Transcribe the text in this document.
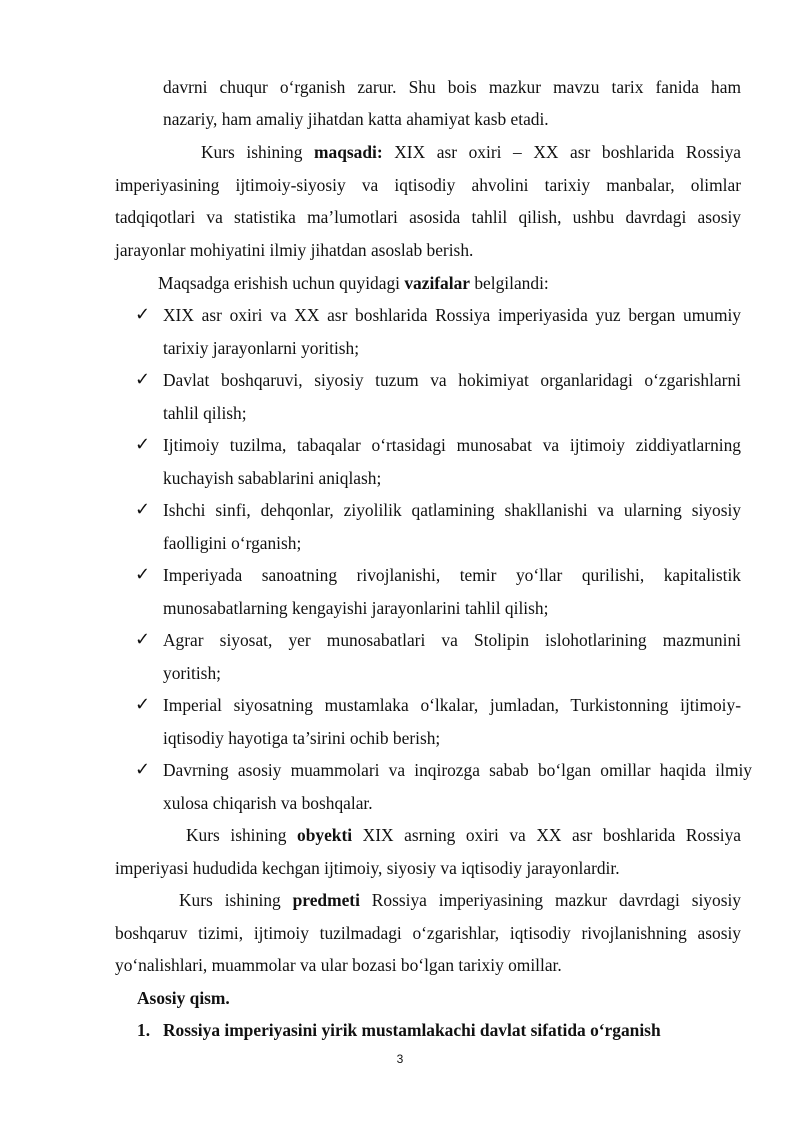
davrni chuqur o‘rganish zarur. Shu bois mazkur mavzu tarix fanida ham
nazariy, ham amaliy jihatdan katta ahamiyat kasb etadi.
Kurs ishining maqsadi: XIX asr oxiri – XX asr boshlarida Rossiya
imperiyasining ijtimoiy-siyosiy va iqtisodiy ahvolini tarixiy manbalar, olimlar
tadqiqotlari va statistika ma’lumotlari asosida tahlil qilish, ushbu davrdagi asosiy
jarayonlar mohiyatini ilmiy jihatdan asoslab berish.
Maqsadga erishish uchun quyidagi vazifalar belgilandi:
✓ XIX asr oxiri va XX asr boshlarida Rossiya imperiyasida yuz bergan umumiy
tarixiy jarayonlarni yoritish;
✓ Davlat boshqaruvi, siyosiy tuzum va hokimiyat organlaridagi o‘zgarishlarni
tahlil qilish;
✓ Ijtimoiy tuzilma, tabaqalar o‘rtasidagi munosabat va ijtimoiy ziddiyatlarning
kuchayish sabablarini aniqlash;
✓ Ishchi sinfi, dehqonlar, ziyolilik qatlamining shakllanishi va ularning siyosiy
faolligini o‘rganish;
✓ Imperiyada sanoatning rivojlanishi, temir yo‘llar qurilishi, kapitalistik
munosabatlarning kengayishi jarayonlarini tahlil qilish;
✓ Agrar siyosat, yer munosabatlari va Stolipin islohotlarining mazmunini
yoritish;
✓ Imperial siyosatning mustamlaka o‘lkalar, jumladan, Turkistonning ijtimoiy-
iqtisodiy hayotiga ta’sirini ochib berish;
✓ Davrning asosiy muammolari va inqirozga sabab bo‘lgan omillar haqida ilmiy
xulosa chiqarish va boshqalar.
Kurs ishining obyekti XIX asrning oxiri va XX asr boshlarida Rossiya
imperiyasi hududida kechgan ijtimoiy, siyosiy va iqtisodiy jarayonlardir.
Kurs ishining predmeti Rossiya imperiyasining mazkur davrdagi siyosiy
boshqaruv tizimi, ijtimoiy tuzilmadagi o‘zgarishlar, iqtisodiy rivojlanishning asosiy
yo‘nalishlari, muammolar va ular bozasi bo‘lgan tarixiy omillar.
Asosiy qism.
1. Rossiya imperiyasini yirik mustamlakachi davlat sifatida o‘rganish
3
